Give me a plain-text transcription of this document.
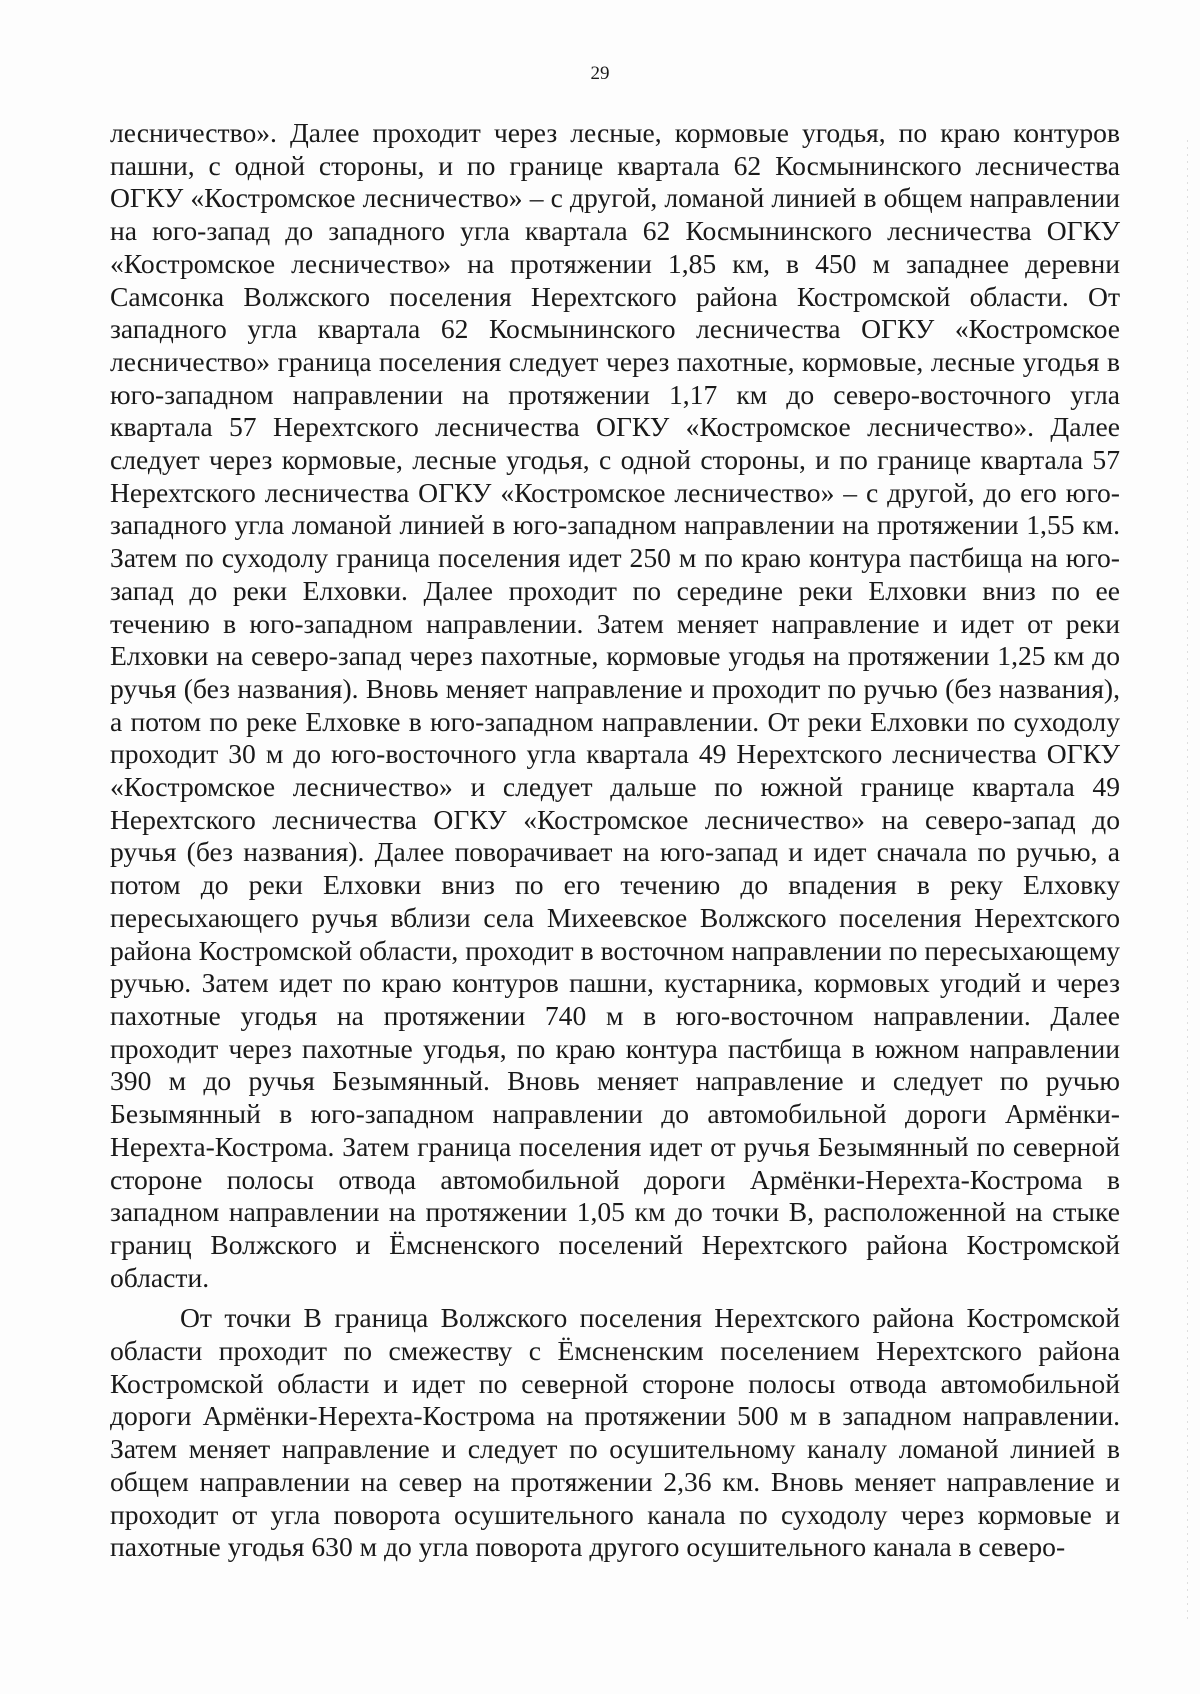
29

лесничество». Далее проходит через лесные, кормовые угодья, по краю контуров пашни, с одной стороны, и по границе квартала 62 Космынинского лесничества ОГКУ «Костромское лесничество» – с другой, ломаной линией в общем направлении на юго-запад до западного угла квартала 62 Космынинского лесничества ОГКУ «Костромское лесничество» на протяжении 1,85 км, в 450 м западнее деревни Самсонка Волжского поселения Нерехтского района Костромской области. От западного угла квартала 62 Космынинского лесничества ОГКУ «Костромское лесничество» граница поселения следует через пахотные, кормовые, лесные угодья в юго-западном направлении на протяжении 1,17 км до северо-восточного угла квартала 57 Нерехтского лесничества ОГКУ «Костромское лесничество». Далее следует через кормовые, лесные угодья, с одной стороны, и по границе квартала 57 Нерехтского лесничества ОГКУ «Костромское лесничество» – с другой, до его юго-западного угла ломаной линией в юго-западном направлении на протяжении 1,55 км. Затем по суходолу граница поселения идет 250 м по краю контура пастбища на юго-запад до реки Елховки. Далее проходит по середине реки Елховки вниз по ее течению в юго-западном направлении. Затем меняет направление и идет от реки Елховки на северо-запад через пахотные, кормовые угодья на протяжении 1,25 км до ручья (без названия). Вновь меняет направление и проходит по ручью (без названия), а потом по реке Елховке в юго-западном направлении. От реки Елховки по суходолу проходит 30 м до юго-восточного угла квартала 49 Нерехтского лесничества ОГКУ «Костромское лесничество» и следует дальше по южной границе квартала 49 Нерехтского лесничества ОГКУ «Костромское лесничество» на северо-запад до ручья (без названия). Далее поворачивает на юго-запад и идет сначала по ручью, а потом до реки Елховки вниз по его течению до впадения в реку Елховку пересыхающего ручья вблизи села Михеевское Волжского поселения Нерехтского района Костромской области, проходит в восточном направлении по пересыхающему ручью. Затем идет по краю контуров пашни, кустарника, кормовых угодий и через пахотные угодья на протяжении 740 м в юго-восточном направлении. Далее проходит через пахотные угодья, по краю контура пастбища в южном направлении 390 м до ручья Безымянный. Вновь меняет направление и следует по ручью Безымянный в юго-западном направлении до автомобильной дороги Армёнки-Нерехта-Кострома. Затем граница поселения идет от ручья Безымянный по северной стороне полосы отвода автомобильной дороги Армёнки-Нерехта-Кострома в западном направлении на протяжении 1,05 км до точки В, расположенной на стыке границ Волжского и Ёмсненского поселений Нерехтского района Костромской области.

От точки В граница Волжского поселения Нерехтского района Костромской области проходит по смежеству с Ёмсненским поселением Нерехтского района Костромской области и идет по северной стороне полосы отвода автомобильной дороги Армёнки-Нерехта-Кострома на протяжении 500 м в западном направлении. Затем меняет направление и следует по осушительному каналу ломаной линией в общем направлении на север на протяжении 2,36 км. Вновь меняет направление и проходит от угла поворота осушительного канала по суходолу через кормовые и пахотные угодья 630 м до угла поворота другого осушительного канала в северо-
